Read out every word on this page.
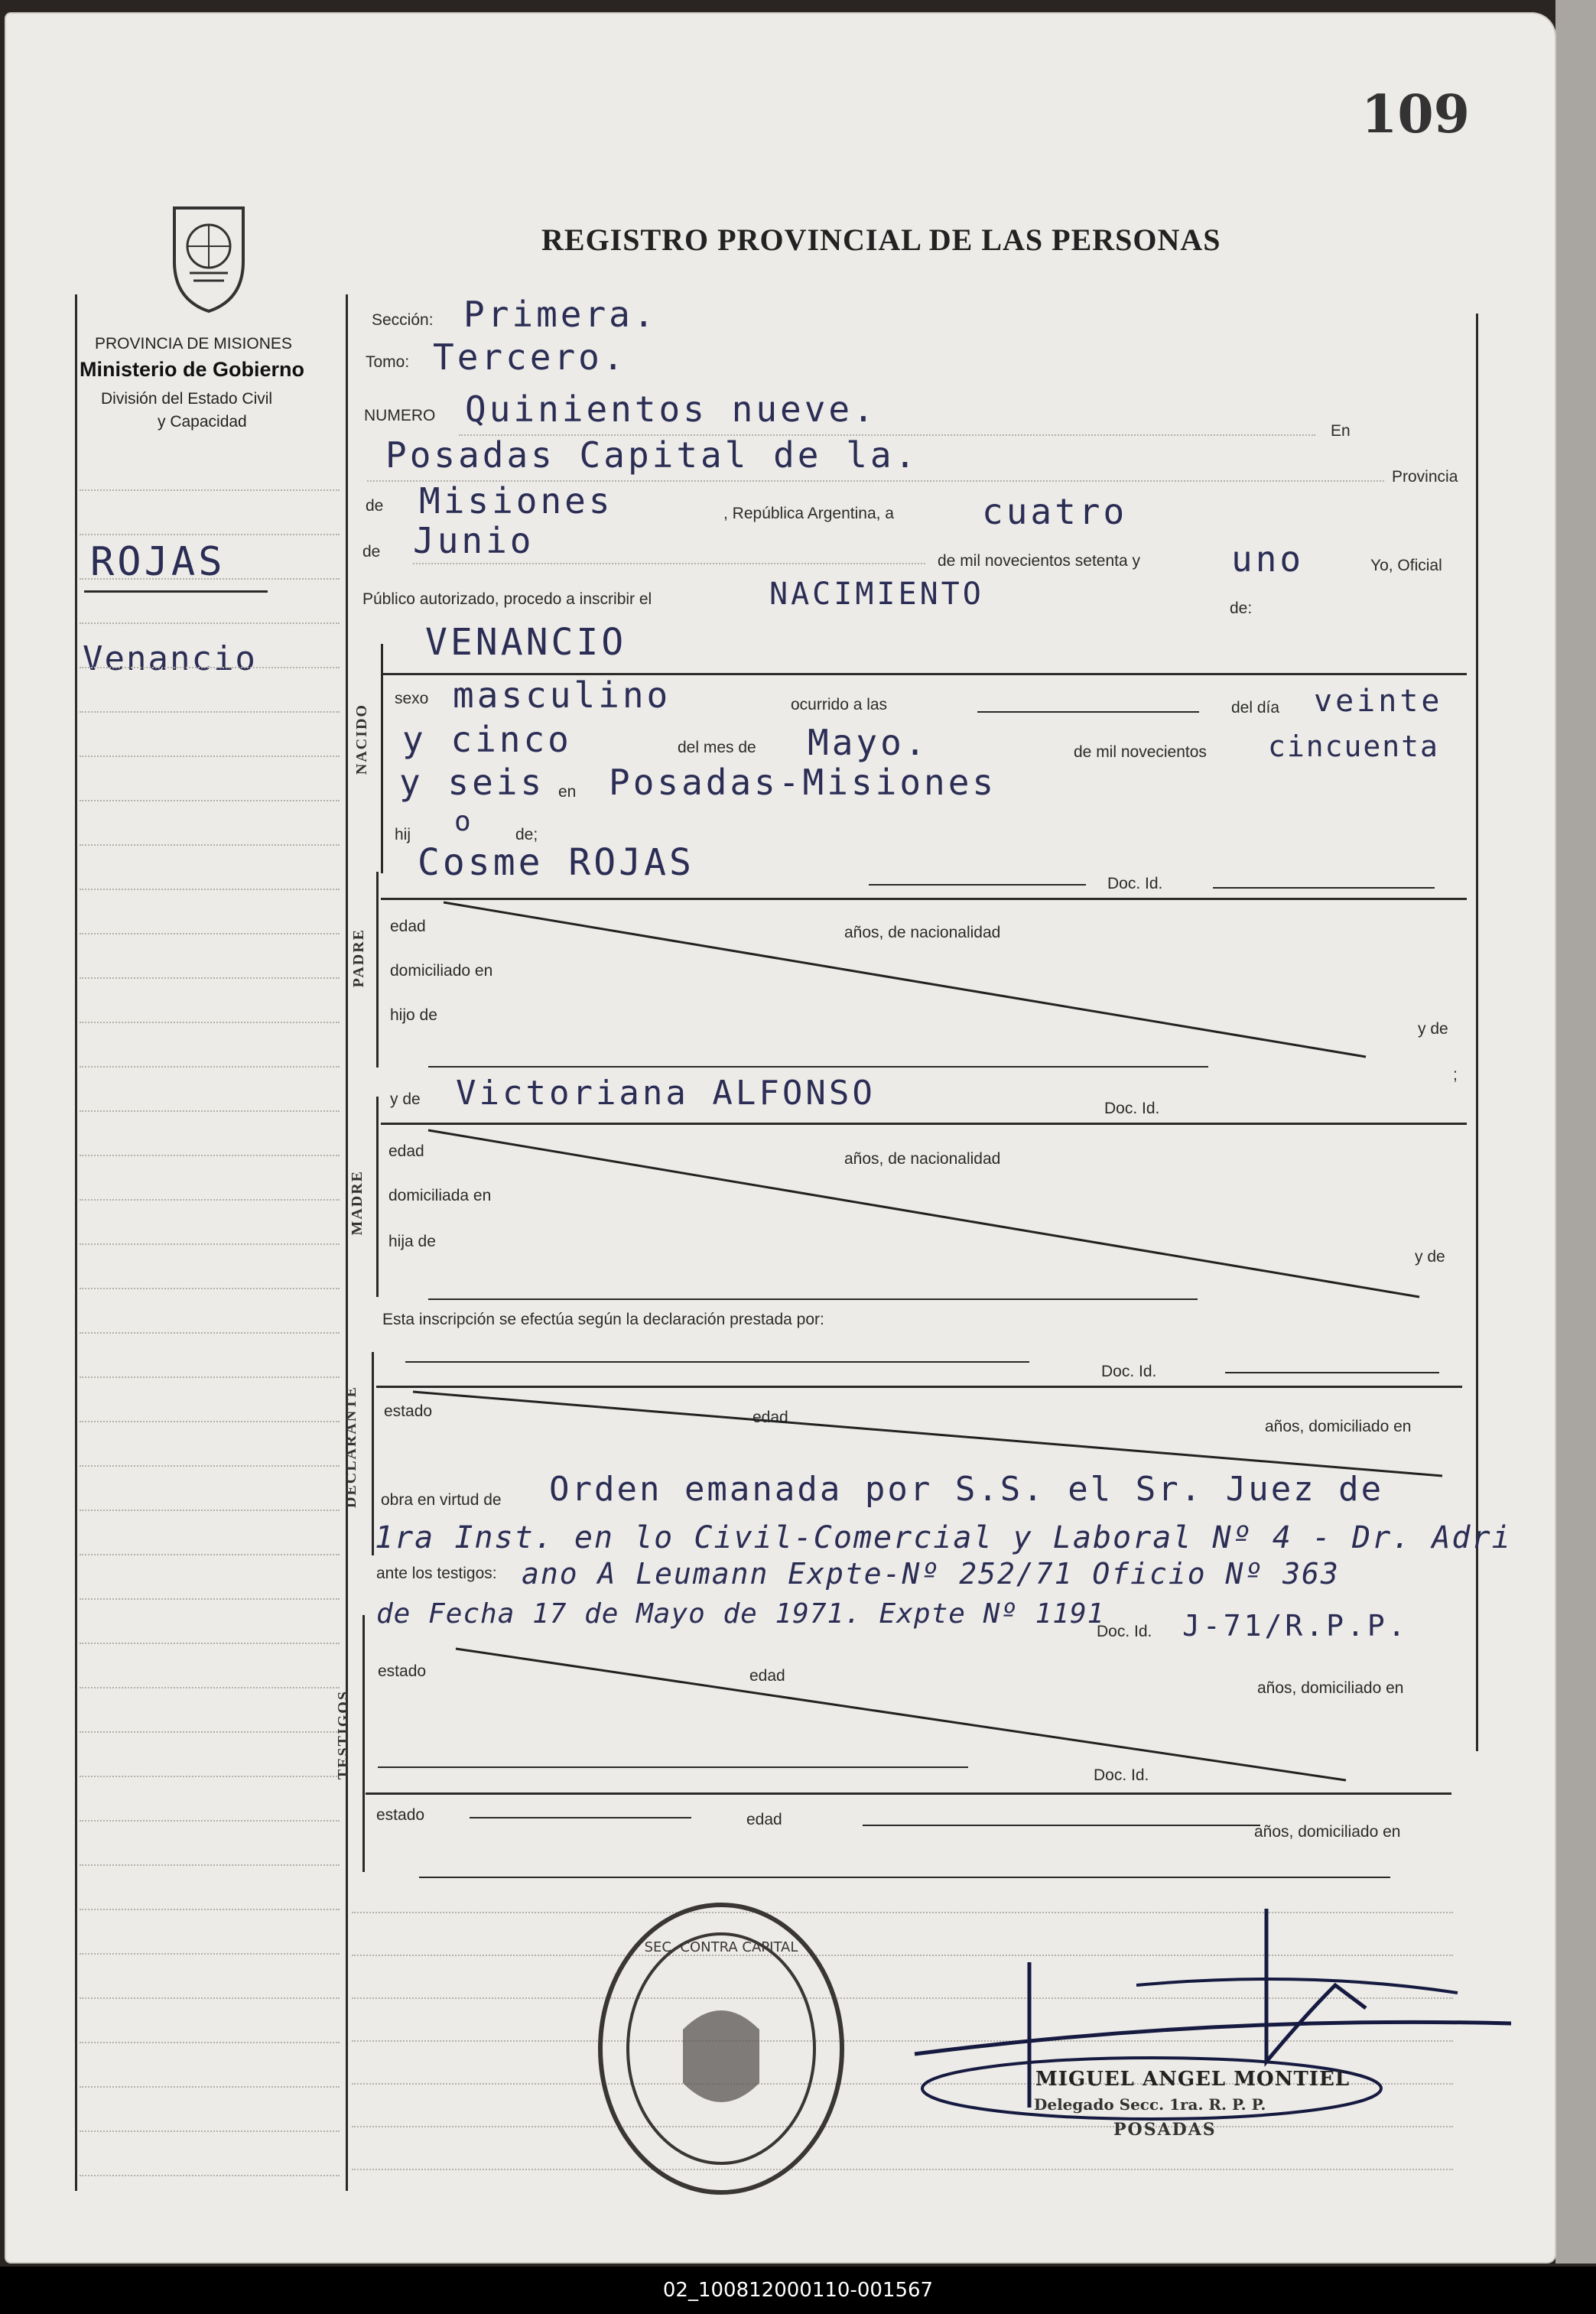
109
REGISTRO PROVINCIAL DE LAS PERSONAS
PROVINCIA DE MISIONES
Ministerio de Gobierno
División del Estado Civil
y Capacidad
ROJAS
Venancio
Sección: Primera.
Tomo: Tercero.
NUMERO Quinientos nueve.
En
Posadas Capital de la.
Provincia
de Misiones	, República Argentina, a	cuatro
de Junio	de mil novecientos setenta y	uno	Yo, Oficial
Público autorizado, procedo a inscribir el	NACIMIENTO	de:
NACIDO
VENANCIO
sexo masculino	ocurrido a las	del día veinte
y cinco	del mes de Mayo.	de mil novecientos cincuenta
y seis en Posadas-Misiones
hij o	de;
Cosme ROJAS	Doc. Id.
PADRE
edad	años, de nacionalidad
domiciliado en
hijo de
y de
;
y de Victoriana ALFONSO	Doc. Id.
MADRE
edad	años, de nacionalidad
domiciliada en
hija de
y de
Esta inscripción se efectúa según la declaración prestada por:
Doc. Id.
DECLARANTE estado	edad
años, domiciliado en
obra en virtud de Orden emanada por S.S. el Sr. Juez de
1ra Inst. en lo Civil-Comercial y Laboral Nº 4 - Dr. Adri
ante los testigos: ano A Leumann Expte-Nº 252/71 Oficio Nº 363
de Fecha 17 de Mayo de 1971. Expte Nº 1191
Doc. Id. J-71/R.P.P.
TESTIGOS
estado	edad
años, domiciliado en
Doc. Id.
estado	edad
años, domiciliado en
SEC. CONTRA CAPITAL
MIGUEL ANGEL MONTIEL
Delegado Secc. 1ra. R. P. P.
POSADAS
02_100812000110-001567
